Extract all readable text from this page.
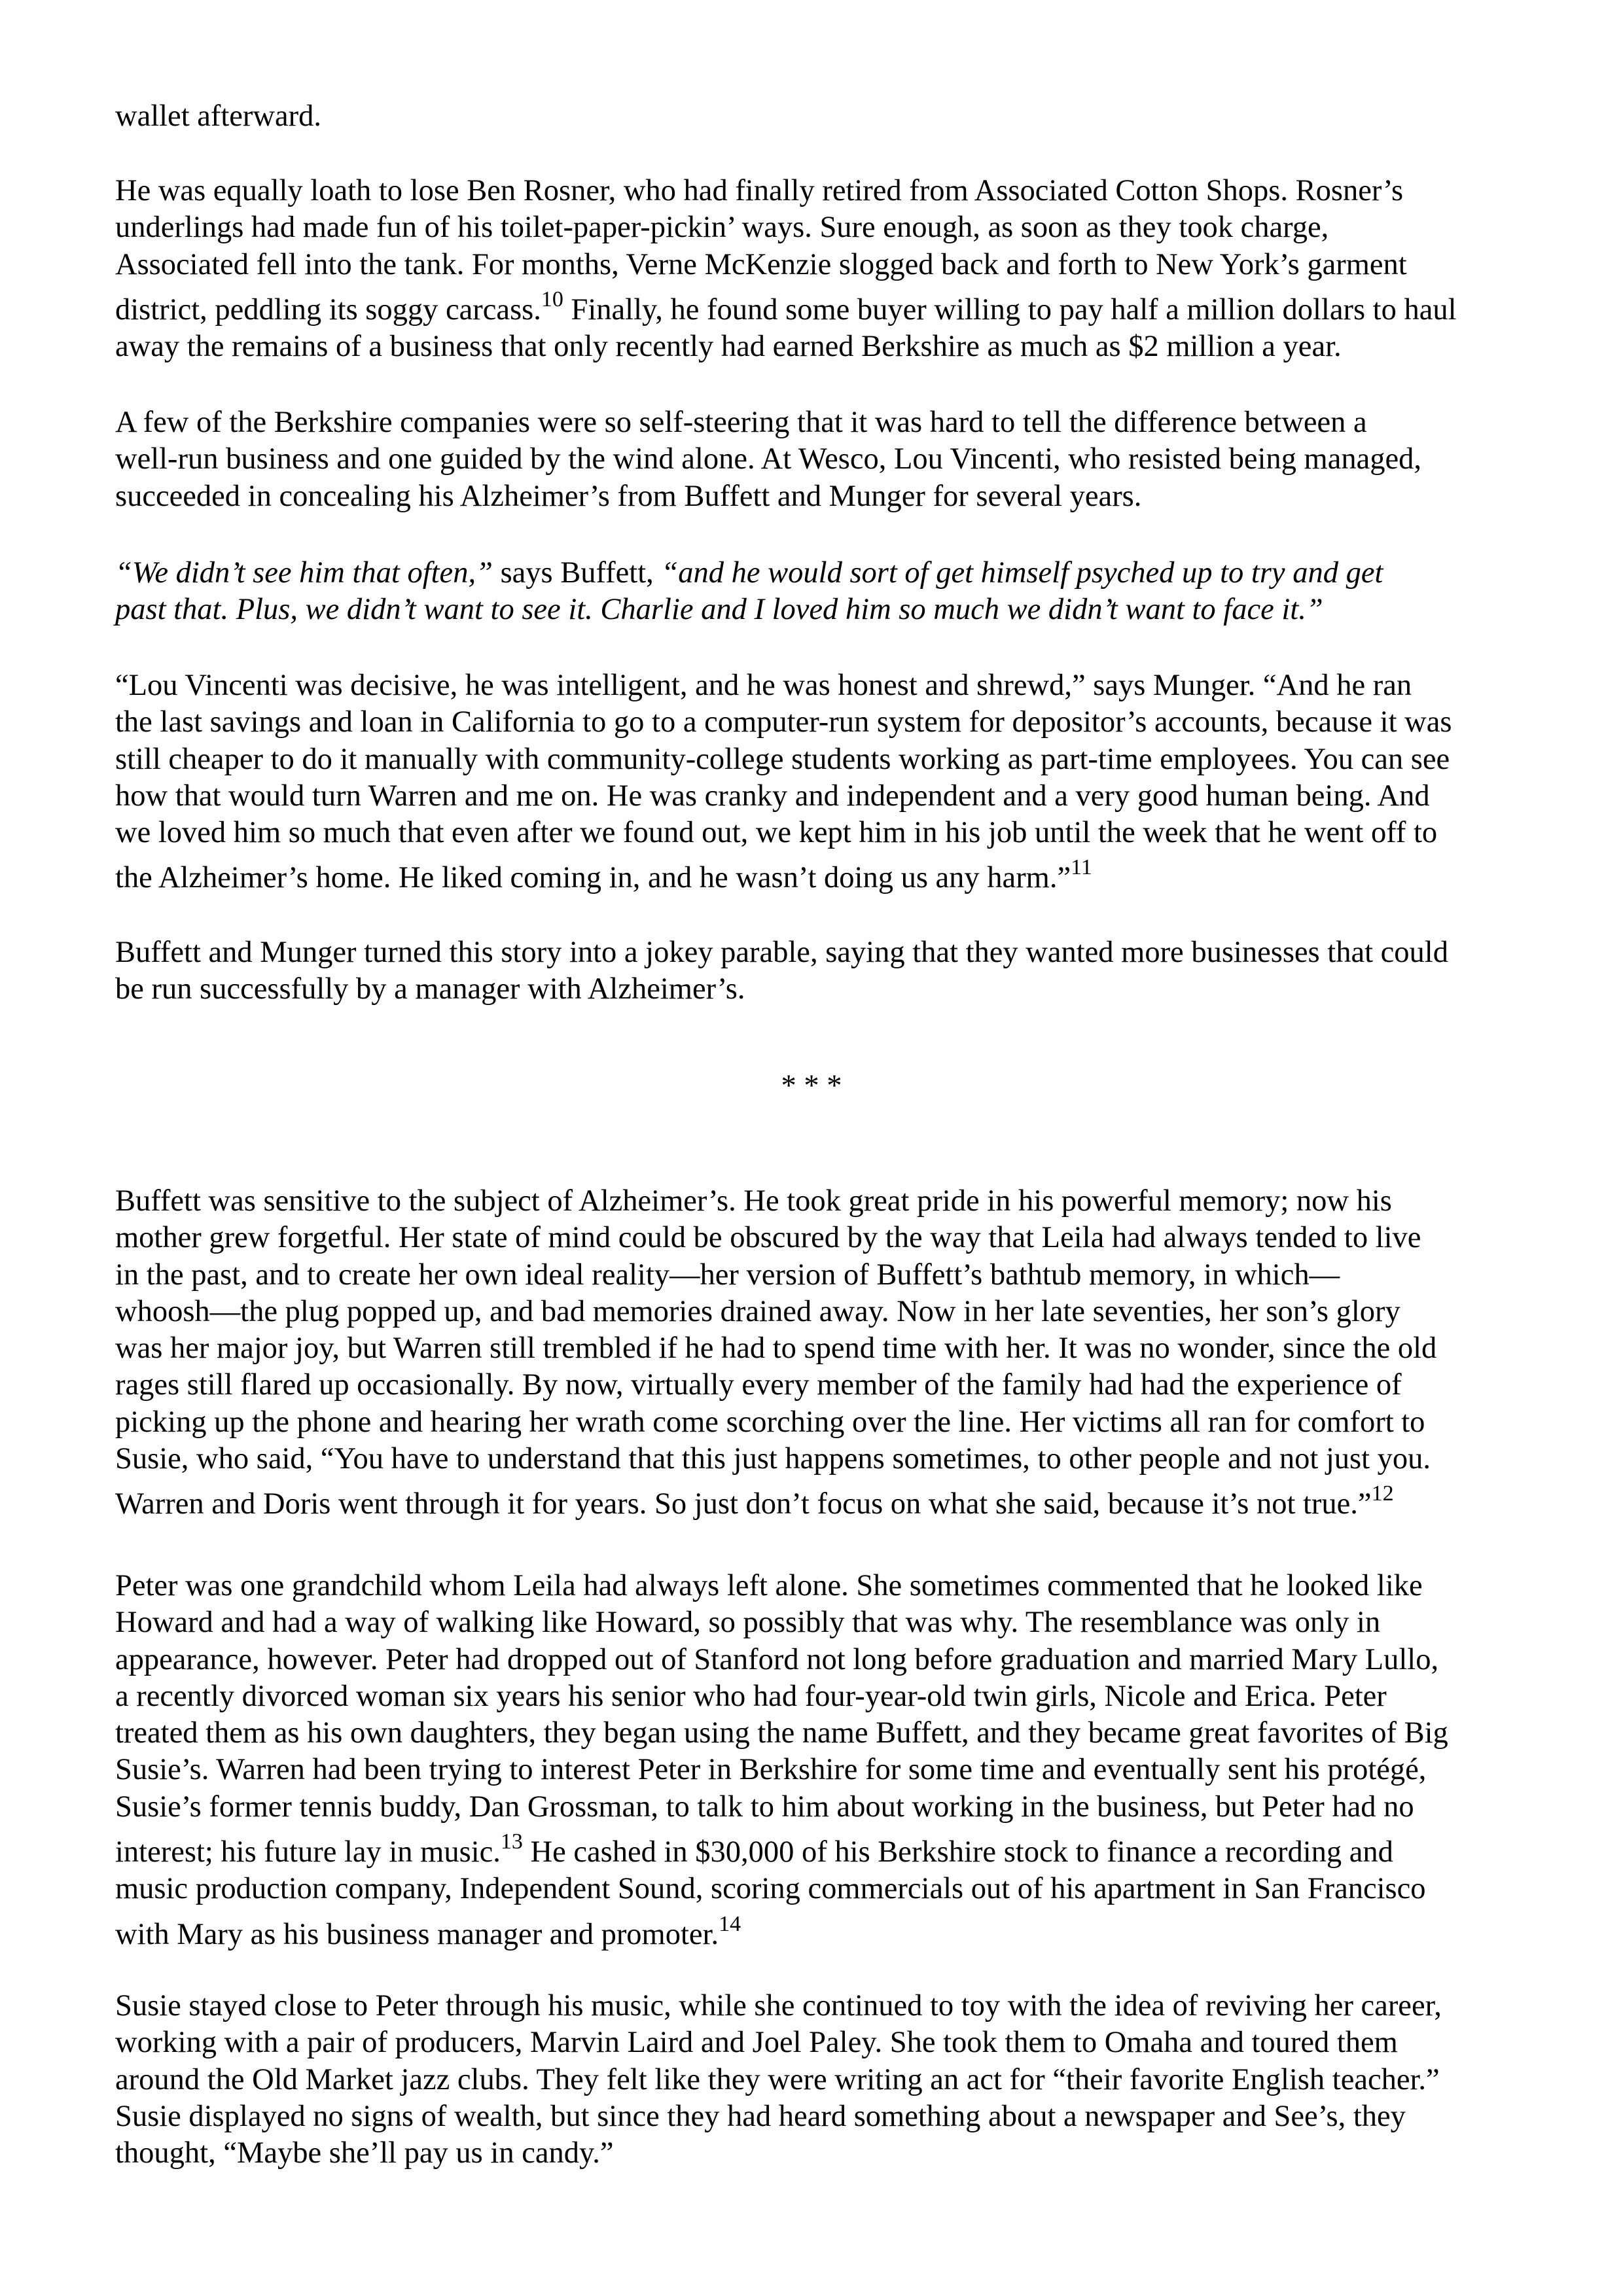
wallet afterward.
He was equally loath to lose Ben Rosner, who had finally retired from Associated Cotton Shops. Rosner’s
underlings had made fun of his toilet-paper-pickin’ ways. Sure enough, as soon as they took charge,
Associated fell into the tank. For months, Verne McKenzie slogged back and forth to New York’s garment
district, peddling its soggy carcass.$^{10}$ Finally, he found some buyer willing to pay half a million dollars to haul
away the remains of a business that only recently had earned Berkshire as much as $2 million a year.
A few of the Berkshire companies were so self-steering that it was hard to tell the difference between a
well-run business and one guided by the wind alone. At Wesco, Lou Vincenti, who resisted being managed,
succeeded in concealing his Alzheimer’s from Buffett and Munger for several years.
“We didn’t see him that often,” says Buffett, “and he would sort of get himself psyched up to try and get
past that. Plus, we didn’t want to see it. Charlie and I loved him so much we didn’t want to face it.”
“Lou Vincenti was decisive, he was intelligent, and he was honest and shrewd,” says Munger. “And he ran
the last savings and loan in California to go to a computer-run system for depositor’s accounts, because it was
still cheaper to do it manually with community-college students working as part-time employees. You can see
how that would turn Warren and me on. He was cranky and independent and a very good human being. And
we loved him so much that even after we found out, we kept him in his job until the week that he went off to
the Alzheimer’s home. He liked coming in, and he wasn’t doing us any harm.”$^{11}$
Buffett and Munger turned this story into a jokey parable, saying that they wanted more businesses that could
be run successfully by a manager with Alzheimer’s.
* * *
Buffett was sensitive to the subject of Alzheimer’s. He took great pride in his powerful memory; now his
mother grew forgetful. Her state of mind could be obscured by the way that Leila had always tended to live
in the past, and to create her own ideal reality—her version of Buffett’s bathtub memory, in which—
whoosh—the plug popped up, and bad memories drained away. Now in her late seventies, her son’s glory
was her major joy, but Warren still trembled if he had to spend time with her. It was no wonder, since the old
rages still flared up occasionally. By now, virtually every member of the family had had the experience of
picking up the phone and hearing her wrath come scorching over the line. Her victims all ran for comfort to
Susie, who said, “You have to understand that this just happens sometimes, to other people and not just you.
Warren and Doris went through it for years. So just don’t focus on what she said, because it’s not true.”$^{12}$
Peter was one grandchild whom Leila had always left alone. She sometimes commented that he looked like
Howard and had a way of walking like Howard, so possibly that was why. The resemblance was only in
appearance, however. Peter had dropped out of Stanford not long before graduation and married Mary Lullo,
a recently divorced woman six years his senior who had four-year-old twin girls, Nicole and Erica. Peter
treated them as his own daughters, they began using the name Buffett, and they became great favorites of Big
Susie’s. Warren had been trying to interest Peter in Berkshire for some time and eventually sent his protégé,
Susie’s former tennis buddy, Dan Grossman, to talk to him about working in the business, but Peter had no
interest; his future lay in music.$^{13}$ He cashed in $30,000 of his Berkshire stock to finance a recording and
music production company, Independent Sound, scoring commercials out of his apartment in San Francisco
with Mary as his business manager and promoter.$^{14}$
Susie stayed close to Peter through his music, while she continued to toy with the idea of reviving her career,
working with a pair of producers, Marvin Laird and Joel Paley. She took them to Omaha and toured them
around the Old Market jazz clubs. They felt like they were writing an act for “their favorite English teacher.”
Susie displayed no signs of wealth, but since they had heard something about a newspaper and See’s, they
thought, “Maybe she’ll pay us in candy.”
